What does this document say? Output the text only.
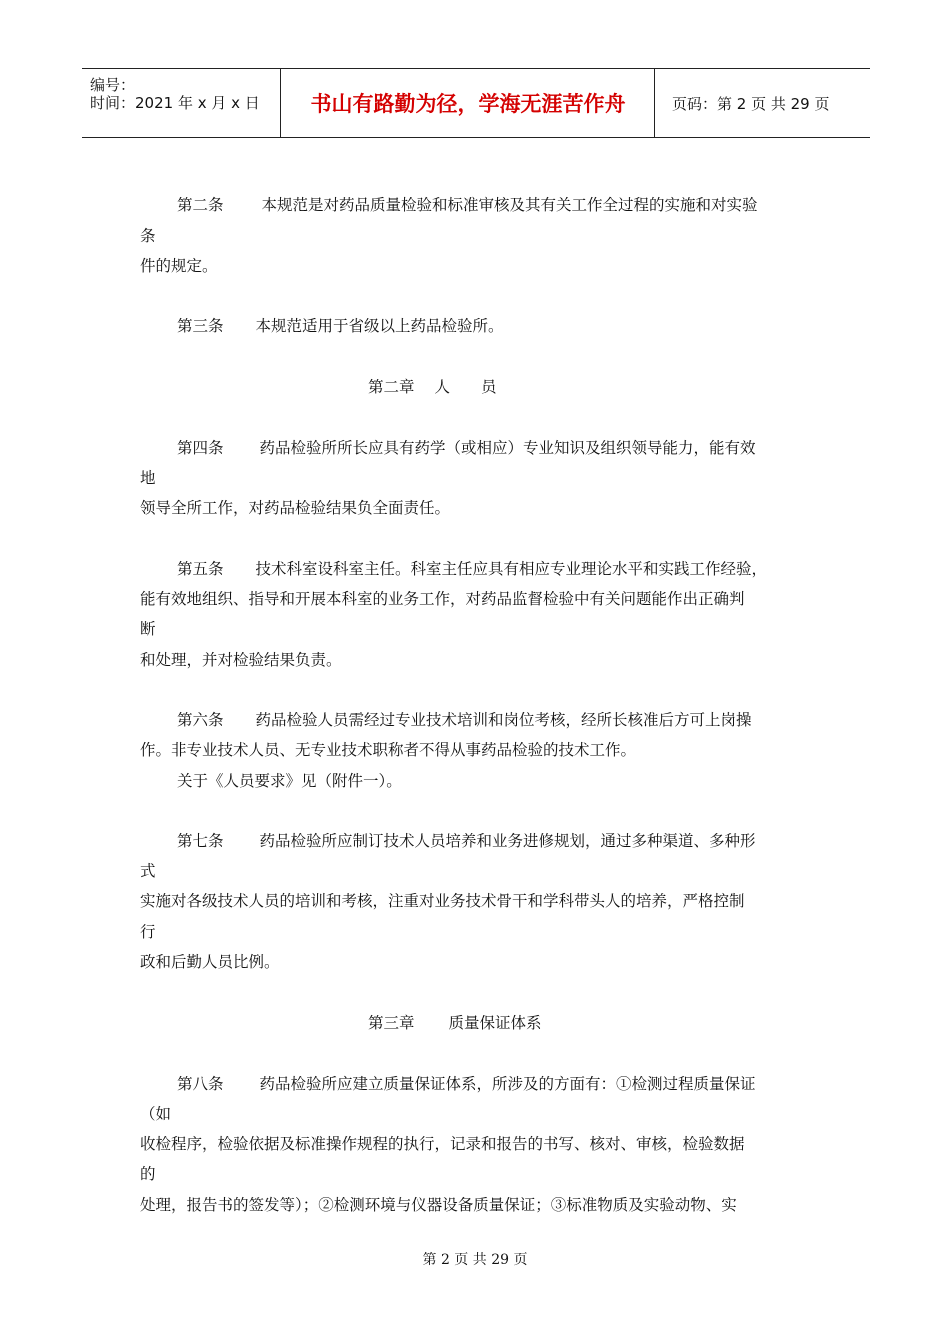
编号：
时间：2021 年 x 月 x 日	书山有路勤为径，学海无涯苦作舟	页码：第 2 页 共 29 页
第二条 本规范是对药品质量检验和标准审核及其有关工作全过程的实施和对实验
条
件的规定。
第三条 本规范适用于省级以上药品检验所。
第二章 人　　员
第四条 药品检验所所长应具有药学（或相应）专业知识及组织领导能力，能有效
地
领导全所工作，对药品检验结果负全面责任。
第五条 技术科室设科室主任。科室主任应具有相应专业理论水平和实践工作经验，
能有效地组织、指导和开展本科室的业务工作，对药品监督检验中有关问题能作出正确判
断
和处理，并对检验结果负责。
第六条 药品检验人员需经过专业技术培训和岗位考核，经所长核准后方可上岗操
作。非专业技术人员、无专业技术职称者不得从事药品检验的技术工作。
关于《人员要求》见（附件一）。
第七条 药品检验所应制订技术人员培养和业务进修规划，通过多种渠道、多种形
式
实施对各级技术人员的培训和考核，注重对业务技术骨干和学科带头人的培养，严格控制
行
政和后勤人员比例。
第三章 质量保证体系
第八条 药品检验所应建立质量保证体系，所涉及的方面有：①检测过程质量保证
（如
收检程序，检验依据及标准操作规程的执行，记录和报告的书写、核对、审核，检验数据
的
处理，报告书的签发等）；②检测环境与仪器设备质量保证；③标准物质及实验动物、实
第 2 页 共 29 页
